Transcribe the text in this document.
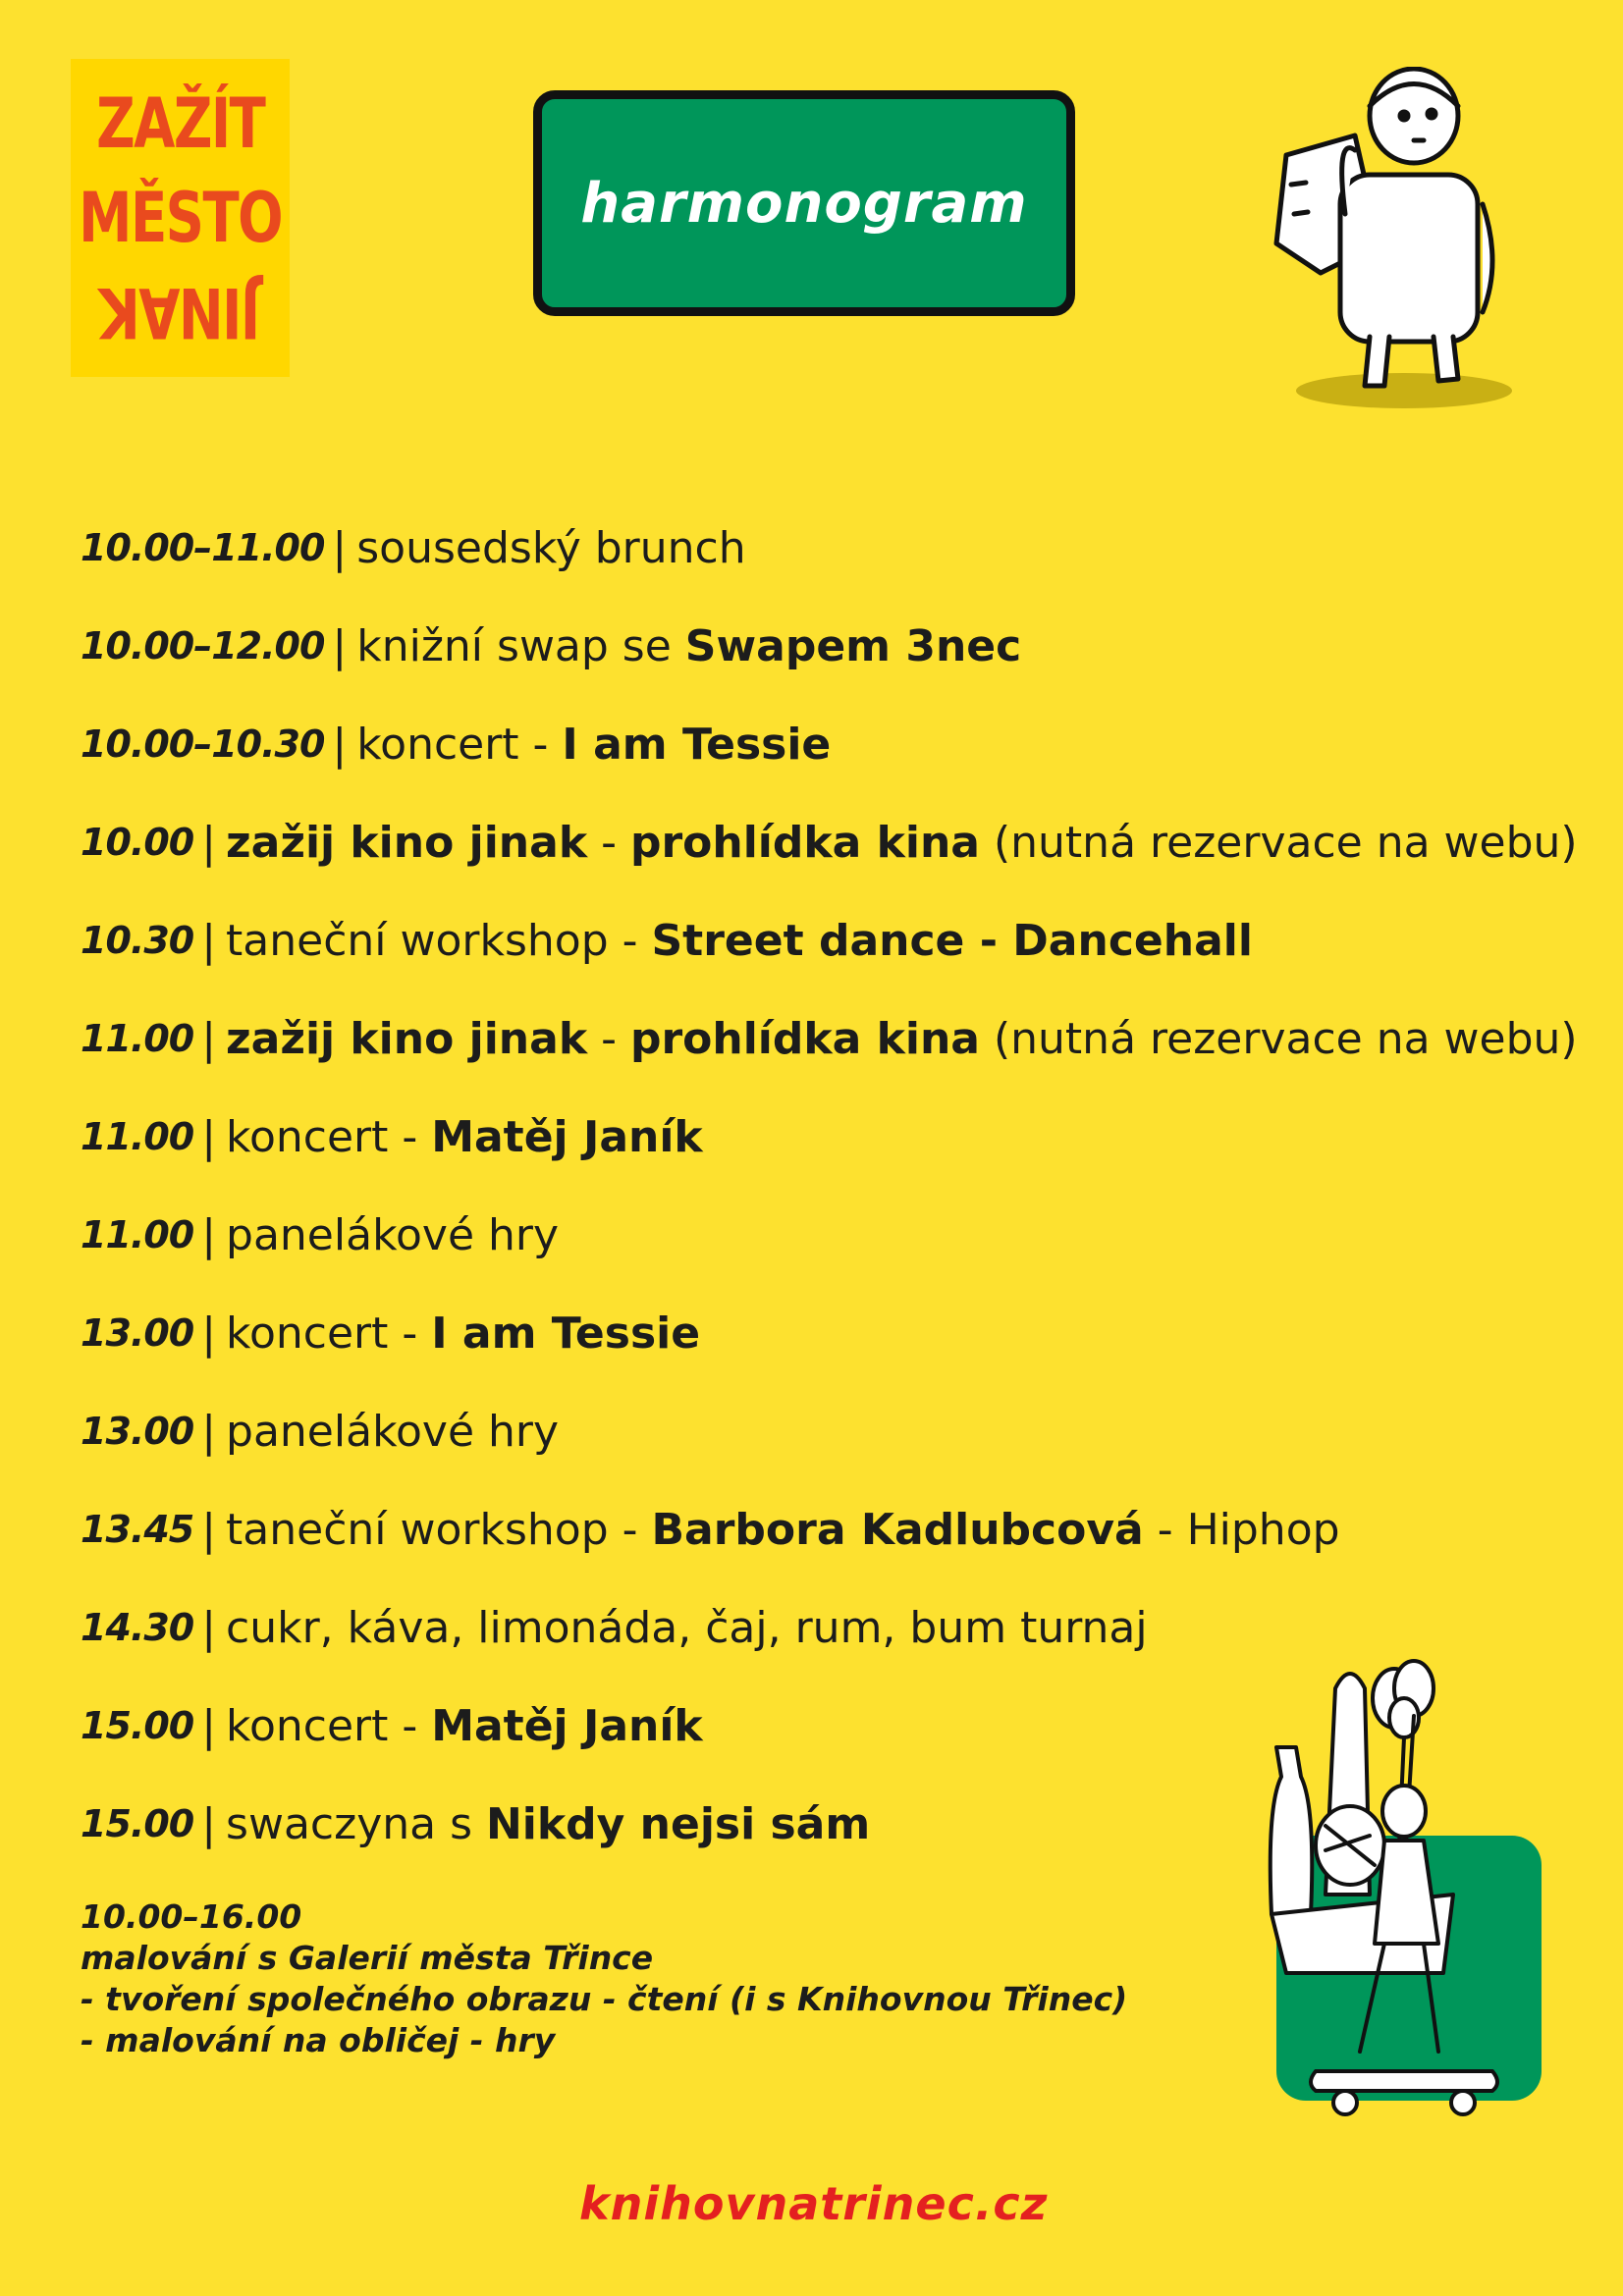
ZAŽÍT
MĚSTO
JINAK
harmonogram
10.00–11.00 | sousedský brunch
10.00–12.00 | knižní swap se Swapem 3nec
10.00–10.30 | koncert - I am Tessie
10.00 | zažij kino jinak - prohlídka kina (nutná rezervace na webu)
10.30 | taneční workshop - Street dance - Dancehall
11.00 | zažij kino jinak - prohlídka kina (nutná rezervace na webu)
11.00 | koncert - Matěj Janík
11.00 | panelákové hry
13.00 | koncert - I am Tessie
13.00 | panelákové hry
13.45 | taneční workshop - Barbora Kadlubcová - Hiphop
14.30 | cukr, káva, limonáda, čaj, rum, bum turnaj
15.00 | koncert - Matěj Janík
15.00 | swaczyna s Nikdy nejsi sám
10.00–16.00
malování s Galerií města Třince
- tvoření společného obrazu - čtení (i s Knihovnou Třinec)
- malování na obličej - hry
knihovnatrinec.cz
